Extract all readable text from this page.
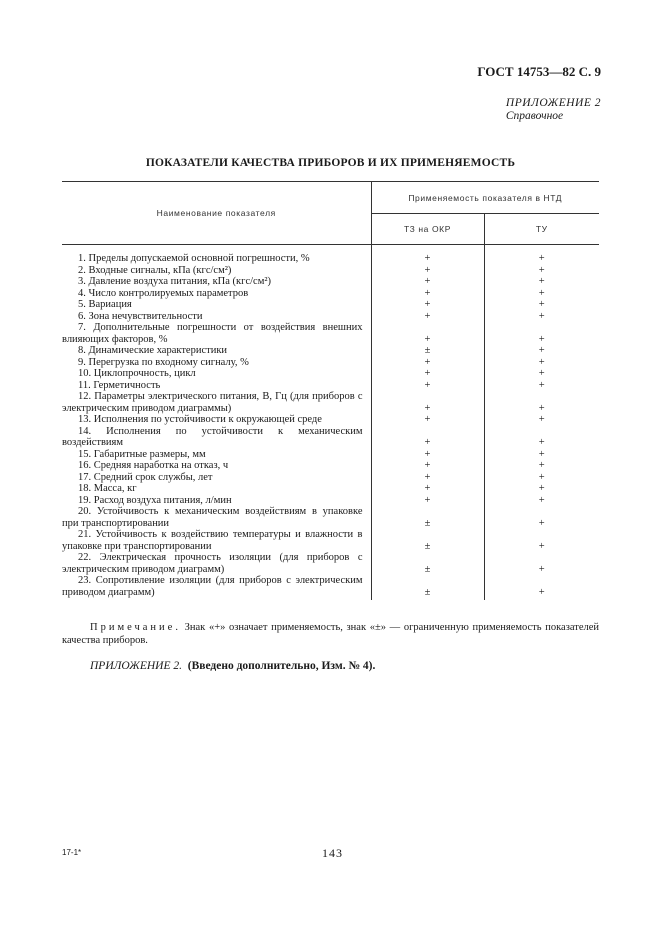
ГОСТ 14753—82 С. 9
ПРИЛОЖЕНИЕ 2
Справочное
ПОКАЗАТЕЛИ КАЧЕСТВА ПРИБОРОВ И ИХ ПРИМЕНЯЕМОСТЬ
Наименование показателя	Применяемость показателя в НТД	
	ТЗ на ОКР	ТУ
1. Пределы допускаемой основной погрешности, %	+	+
2. Входные сигналы, кПа (кгс/см²)	+	+
3. Давление воздуха питания, кПа (кгс/см²)	+	+
4. Число контролируемых параметров	+	+
5. Вариация	+	+
6. Зона нечувствительности	+	+
7. Дополнительные погрешности от воздействия внешних влияющих факторов, %	+	+
8. Динамические характеристики	±	+
9. Перегрузка по входному сигналу, %	+	+
10. Циклопрочность, цикл	+	+
11. Герметичность	+	+
12. Параметры электрического питания, В, Гц (для приборов с электрическим приводом диаграммы)	+	+
13. Исполнения по устойчивости к окружающей среде	+	+
14. Исполнения по устойчивости к механическим воздействиям	+	+
15. Габаритные размеры, мм	+	+
16. Средняя наработка на отказ, ч	+	+
17. Средний срок службы, лет	+	+
18. Масса, кг	+	+
19. Расход воздуха питания, л/мин	+	+
20. Устойчивость к механическим воздействиям в упаковке при транспортировании	±	+
21. Устойчивость к воздействию температуры и влажности в упаковке при транспортировании	±	+
22. Электрическая прочность изоляции (для приборов с электрическим приводом диаграмм)	±	+
23. Сопротивление изоляции (для приборов с электрическим приводом диаграмм)	±	+
Примечание. Знак «+» означает применяемость, знак «±» — ограниченную применяемость показателей качества приборов.
ПРИЛОЖЕНИЕ 2. (Введено дополнительно, Изм. № 4).
17-1*	143
